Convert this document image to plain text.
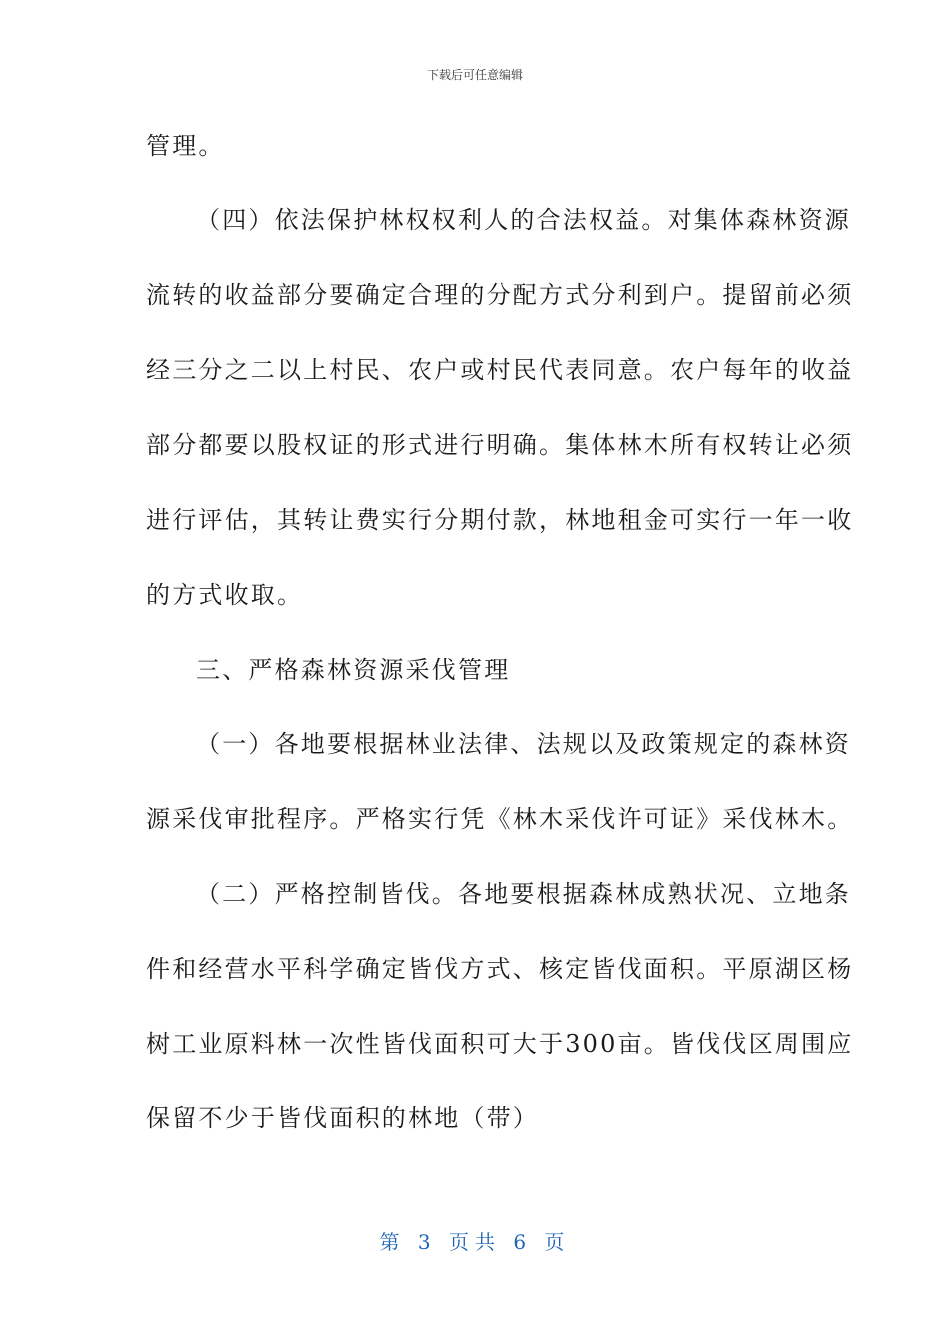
下载后可任意编辑
管理。
（四）依法保护林权权利人的合法权益。对集体森林资源
流转的收益部分要确定合理的分配方式分利到户。提留前必须
经三分之二以上村民、农户或村民代表同意。农户每年的收益
部分都要以股权证的形式进行明确。集体林木所有权转让必须
进行评估，其转让费实行分期付款，林地租金可实行一年一收
的方式收取。
三、严格森林资源采伐管理
（一）各地要根据林业法律、法规以及政策规定的森林资
源采伐审批程序。严格实行凭《林木采伐许可证》采伐林木。
（二）严格控制皆伐。各地要根据森林成熟状况、立地条
件和经营水平科学确定皆伐方式、核定皆伐面积。平原湖区杨
树工业原料林一次性皆伐面积可大于300亩。皆伐伐区周围应
保留不少于皆伐面积的林地（带）
第 3 页共 6 页
